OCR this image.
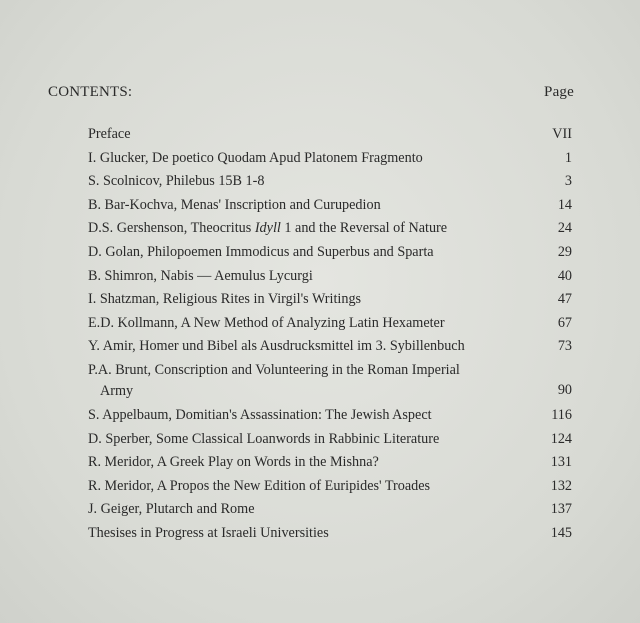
CONTENTS:	Page
Preface	VII
I. Glucker, De poetico Quodam Apud Platonem Fragmento	1
S. Scolnicov, Philebus 15B 1-8	3
B. Bar-Kochva, Menas' Inscription and Curupedion	14
D.S. Gershenson, Theocritus Idyll 1 and the Reversal of Nature	24
D. Golan, Philopoemen Immodicus and Superbus and Sparta	29
B. Shimron, Nabis — Aemulus Lycurgi	40
I. Shatzman, Religious Rites in Virgil's Writings	47
E.D. Kollmann, A New Method of Analyzing Latin Hexameter	67
Y. Amir, Homer und Bibel als Ausdrucksmittel im 3. Sybillenbuch	73
P.A. Brunt, Conscription and Volunteering in the Roman Imperial
Army	90
S. Appelbaum, Domitian's Assassination: The Jewish Aspect	116
D. Sperber, Some Classical Loanwords in Rabbinic Literature	124
R. Meridor, A Greek Play on Words in the Mishna?	131
R. Meridor, A Propos the New Edition of Euripides' Troades	132
J. Geiger, Plutarch and Rome	137
Thesises in Progress at Israeli Universities	145
